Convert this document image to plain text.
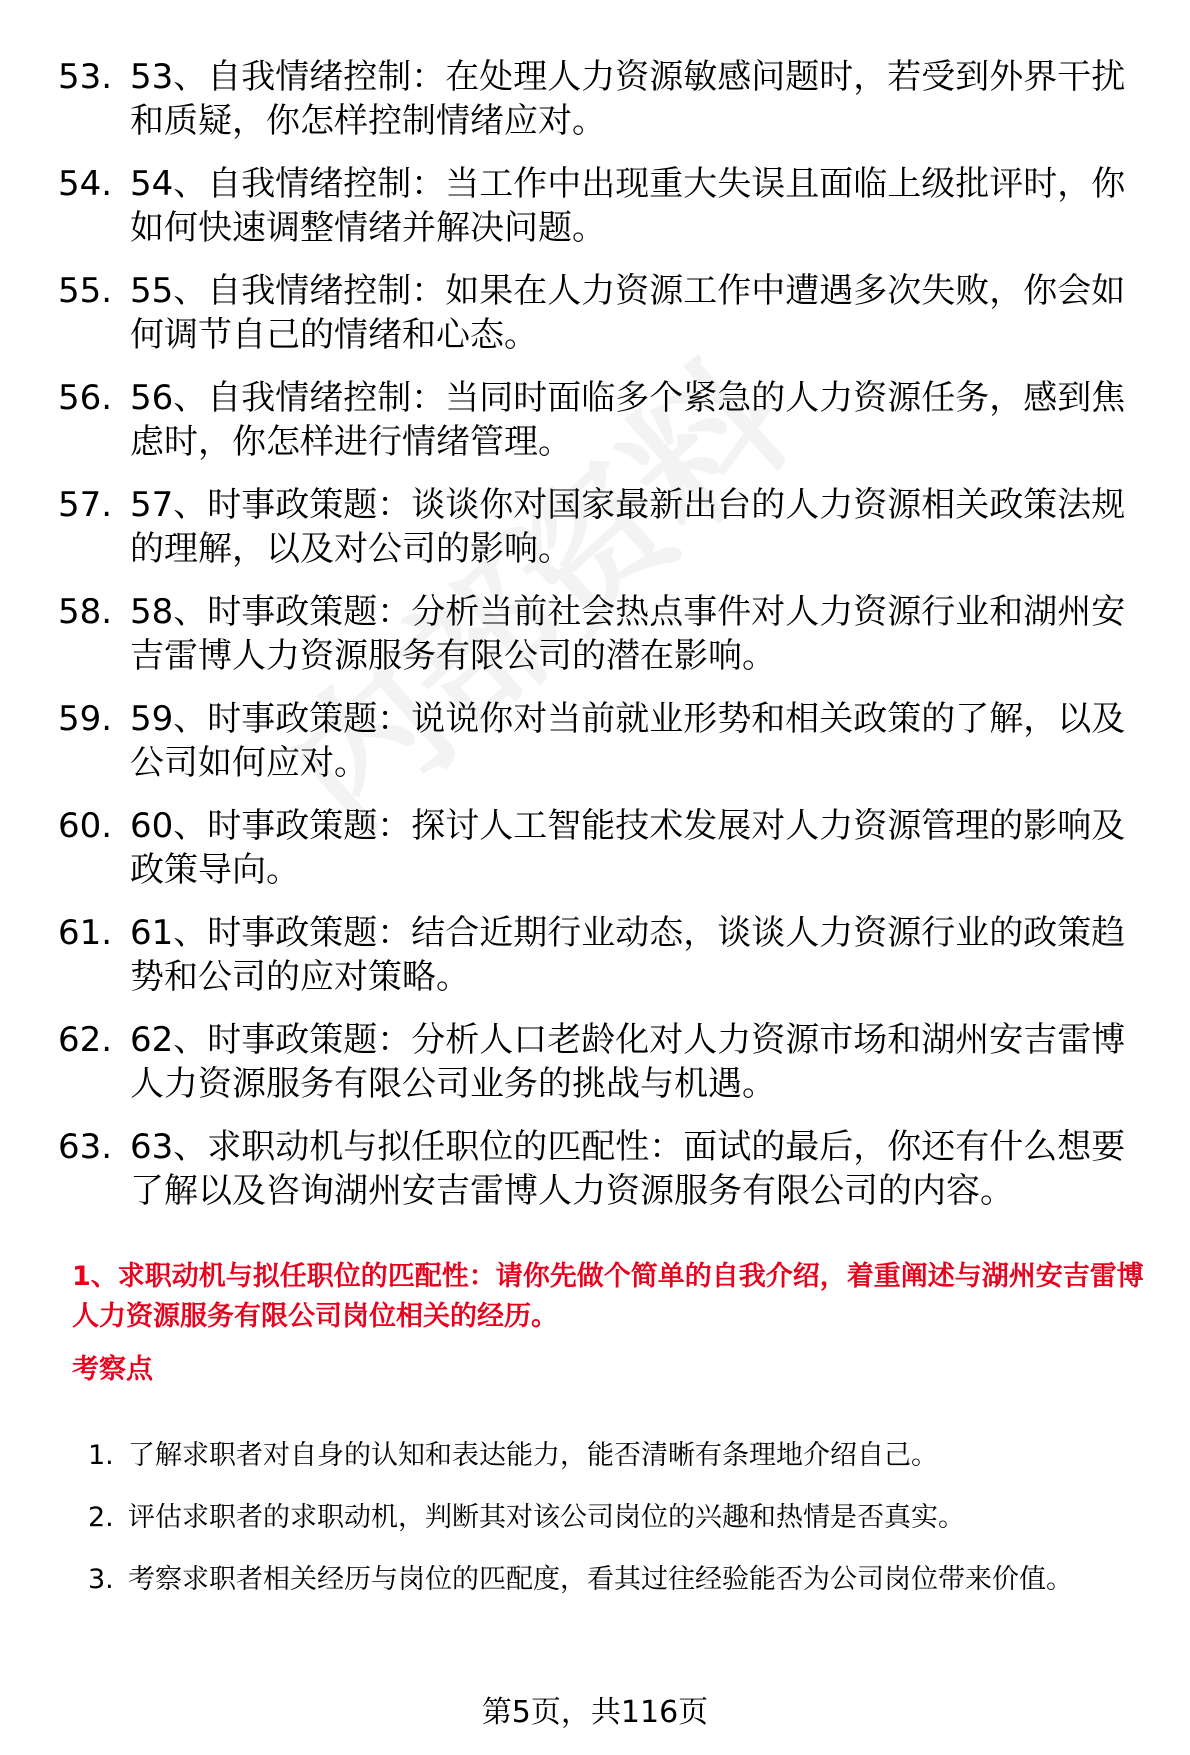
53. 53、自我情绪控制：在处理人力资源敏感问题时，若受到外界干扰和质疑，你怎样控制情绪应对。
54. 54、自我情绪控制：当工作中出现重大失误且面临上级批评时，你如何快速调整情绪并解决问题。
55. 55、自我情绪控制：如果在人力资源工作中遭遇多次失败，你会如何调节自己的情绪和心态。
56. 56、自我情绪控制：当同时面临多个紧急的人力资源任务，感到焦虑时，你怎样进行情绪管理。
57. 57、时事政策题：谈谈你对国家最新出台的人力资源相关政策法规的理解，以及对公司的影响。
58. 58、时事政策题：分析当前社会热点事件对人力资源行业和湖州安吉雷博人力资源服务有限公司的潜在影响。
59. 59、时事政策题：说说你对当前就业形势和相关政策的了解，以及公司如何应对。
60. 60、时事政策题：探讨人工智能技术发展对人力资源管理的影响及政策导向。
61. 61、时事政策题：结合近期行业动态，谈谈人力资源行业的政策趋势和公司的应对策略。
62. 62、时事政策题：分析人口老龄化对人力资源市场和湖州安吉雷博人力资源服务有限公司业务的挑战与机遇。
63. 63、求职动机与拟任职位的匹配性：面试的最后，你还有什么想要了解以及咨询湖州安吉雷博人力资源服务有限公司的内容。
1、求职动机与拟任职位的匹配性：请你先做个简单的自我介绍，着重阐述与湖州安吉雷博人力资源服务有限公司岗位相关的经历。
考察点
1. 了解求职者对自身的认知和表达能力，能否清晰有条理地介绍自己。
2. 评估求职者的求职动机，判断其对该公司岗位的兴趣和热情是否真实。
3. 考察求职者相关经历与岗位的匹配度，看其过往经验能否为公司岗位带来价值。
第5页，共116页
